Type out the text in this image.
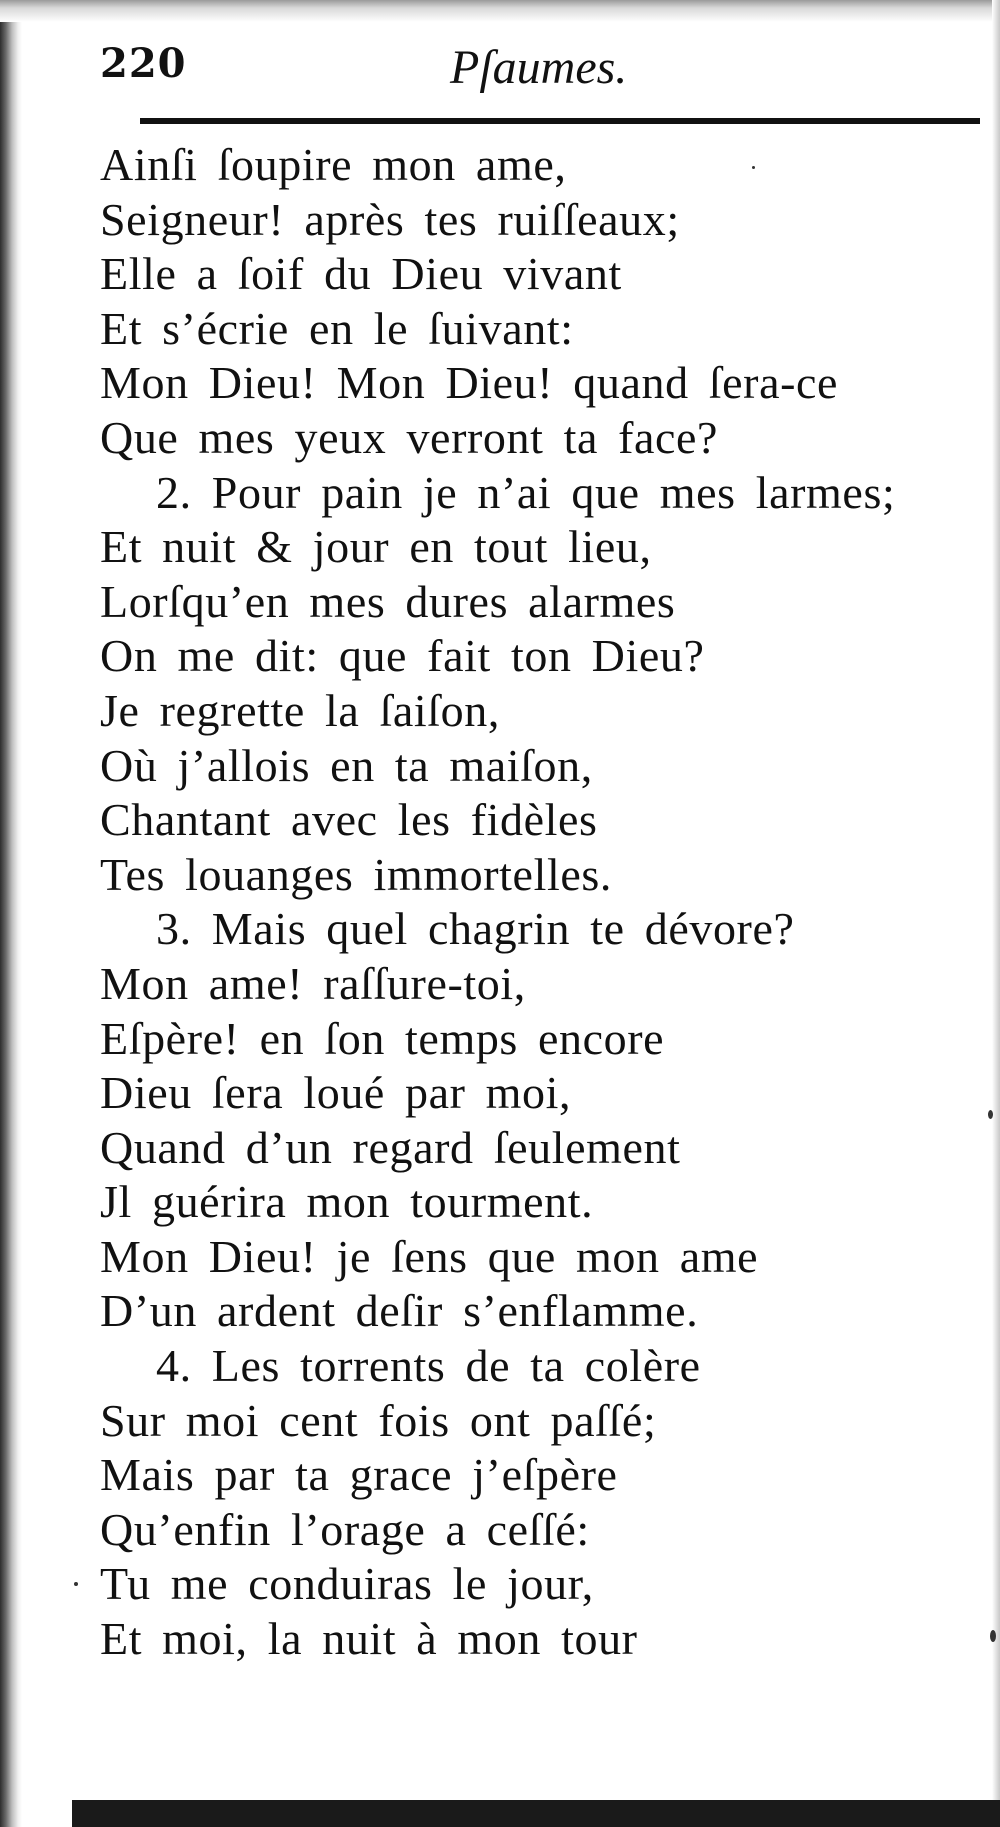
220	Pſaumes.

Ainſi ſoupire mon ame,

Seigneur! après tes ruiſſeaux;

Elle a ſoif du Dieu vivant

Et s’écrie en le ſuivant:

Mon Dieu! Mon Dieu! quand ſera-ce

Que mes yeux verront ta face?

2. Pour pain je n’ai que mes larmes;

Et nuit & jour en tout lieu,

Lorſqu’en mes dures alarmes

On me dit: que fait ton Dieu?

Je regrette la ſaiſon,

Où j’allois en ta maiſon,

Chantant avec les fidèles

Tes louanges immortelles.

3. Mais quel chagrin te dévore?

Mon ame! raſſure-toi,

Eſpère! en ſon temps encore

Dieu ſera loué par moi,

Quand d’un regard ſeulement

Jl guérira mon tourment.

Mon Dieu! je ſens que mon ame

D’un ardent deſir s’enflamme.

4. Les torrents de ta colère

Sur moi cent fois ont paſſé;

Mais par ta grace j’eſpère

Qu’enfin l’orage a ceſſé:

Tu me conduiras le jour,

Et moi, la nuit à mon tour
